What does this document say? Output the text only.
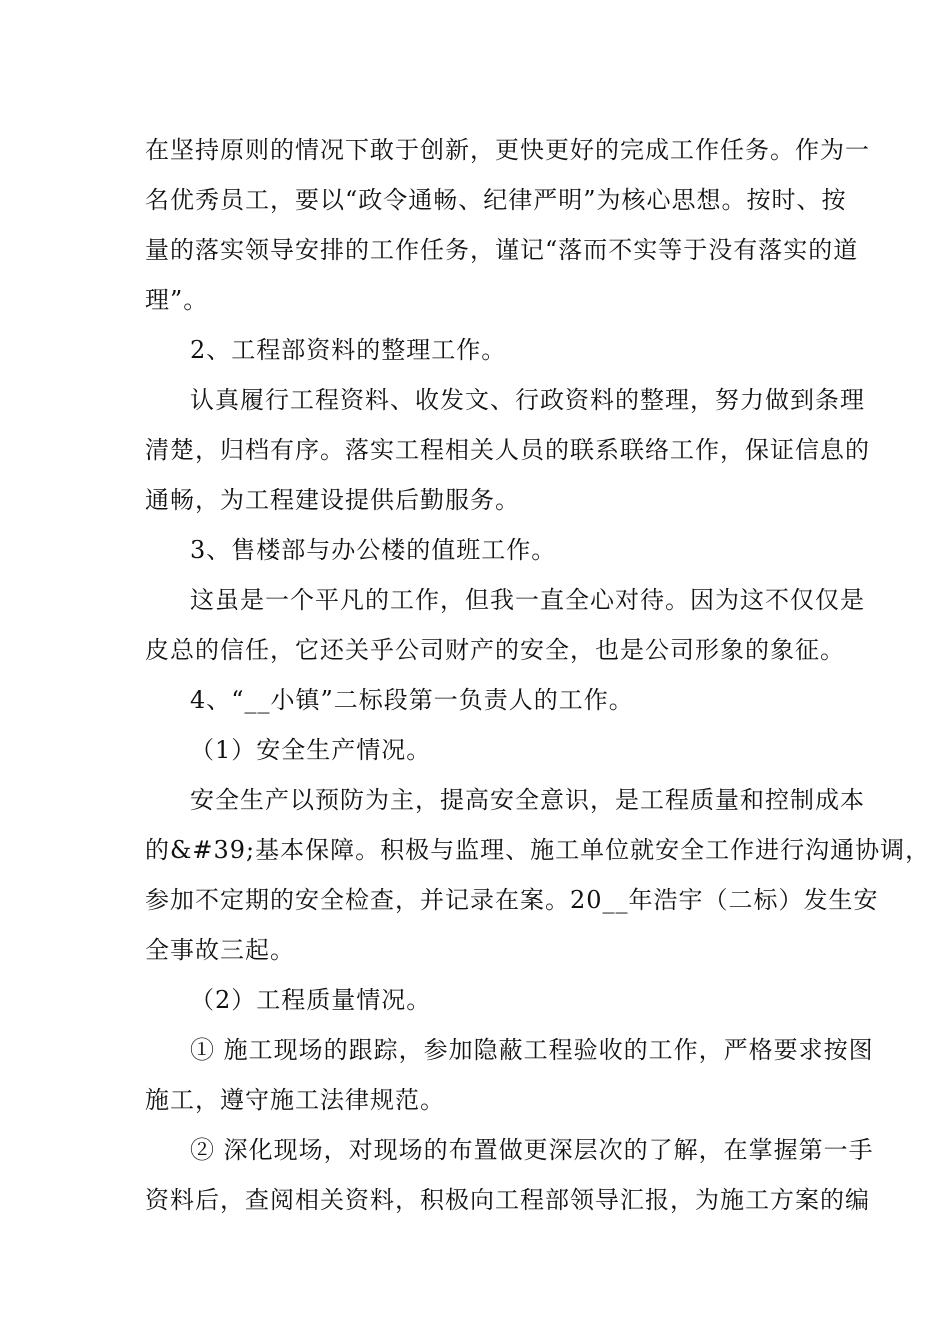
在坚持原则的情况下敢于创新，更快更好的完成工作任务。作为一
名优秀员工，要以“政令通畅、纪律严明”为核心思想。按时、按
量的落实领导安排的工作任务，谨记“落而不实等于没有落实的道
理”。
2、工程部资料的整理工作。
认真履行工程资料、收发文、行政资料的整理，努力做到条理
清楚，归档有序。落实工程相关人员的联系联络工作，保证信息的
通畅，为工程建设提供后勤服务。
3、售楼部与办公楼的值班工作。
这虽是一个平凡的工作，但我一直全心对待。因为这不仅仅是
皮总的信任，它还关乎公司财产的安全，也是公司形象的象征。
4、“__小镇”二标段第一负责人的工作。
（1）安全生产情况。
安全生产以预防为主，提高安全意识，是工程质量和控制成本
的&#39;基本保障。积极与监理、施工单位就安全工作进行沟通协调，
参加不定期的安全检查，并记录在案。20__年浩宇（二标）发生安
全事故三起。
（2）工程质量情况。
① 施工现场的跟踪，参加隐蔽工程验收的工作，严格要求按图
施工，遵守施工法律规范。
② 深化现场，对现场的布置做更深层次的了解，在掌握第一手
资料后，查阅相关资料，积极向工程部领导汇报，为施工方案的编
